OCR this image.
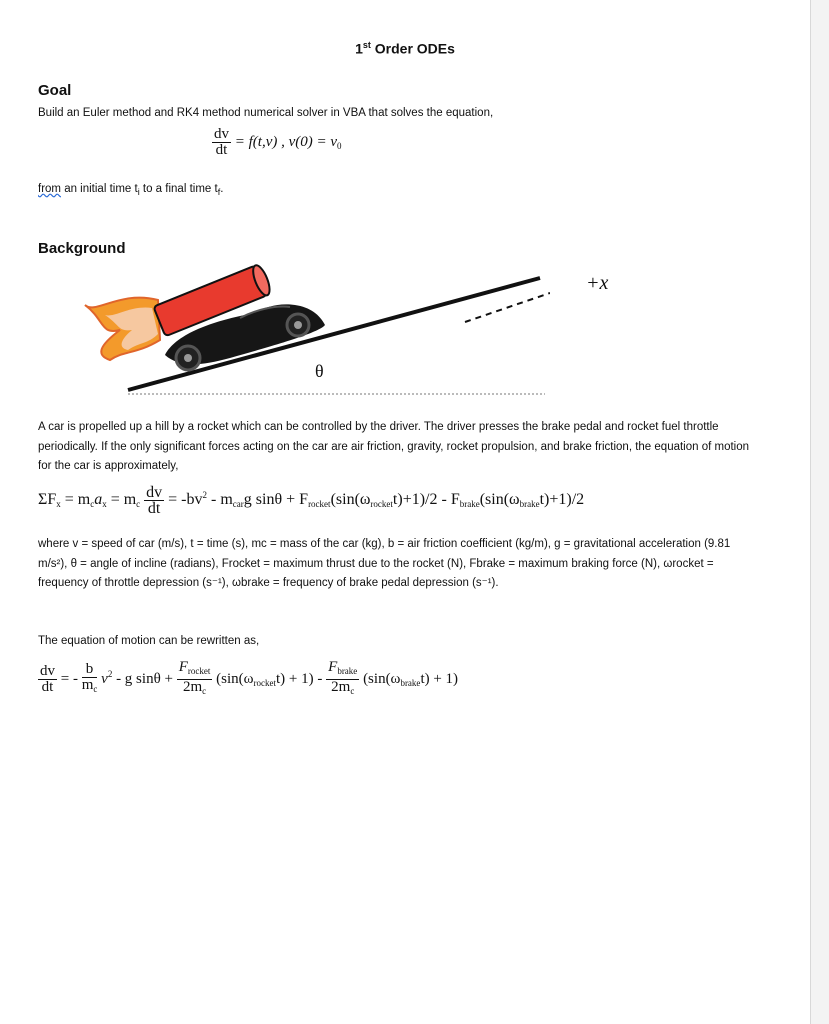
1st Order ODEs
Goal
Build an Euler method and RK4 method numerical solver in VBA that solves the equation,
$\frac{dv}{dt} = f(t,v)$ , $v(0) = v_0$
from an initial time $t_i$ to a final time $t_f$.
Background
θ
+x
A car is propelled up a hill by a rocket which can be controlled by the driver. The driver presses the brake pedal and rocket fuel throttle periodically. If the only significant forces acting on the car are air friction, gravity, rocket propulsion, and brake friction, the equation of motion for the car is approximately,
$\Sigma F_x = m_ca_x = m_c \frac{dv}{dt} = -bv^2 - m_{car}g$ $\sin\theta + F_{rocket}(\sin(\omega_{rocket}t)+1)/2 - F_{brake}(\sin(\omega_{brake}t)+1)/2$
where v = speed of car (m/s), t = time (s), mc = mass of the car (kg), b = air friction coefficient (kg/m), g = gravitational acceleration (9.81 m/s²), θ = angle of incline (radians), Frocket = maximum thrust due to the rocket (N), Fbrake = maximum braking force (N), ωrocket = frequency of throttle depression (s⁻¹), ωbrake = frequency of brake pedal depression (s⁻¹).
The equation of motion can be rewritten as,
$\frac{dv}{dt}$ = - $\frac{b}{m_c} v^2$ - g $\sin\theta + \frac{F_{rocket}}{2m_c} (\sin(\omega_{rocket}t) + 1) - \frac{F_{brake}}{2m_c} (\sin(\omega_{brake}t) + 1)$
